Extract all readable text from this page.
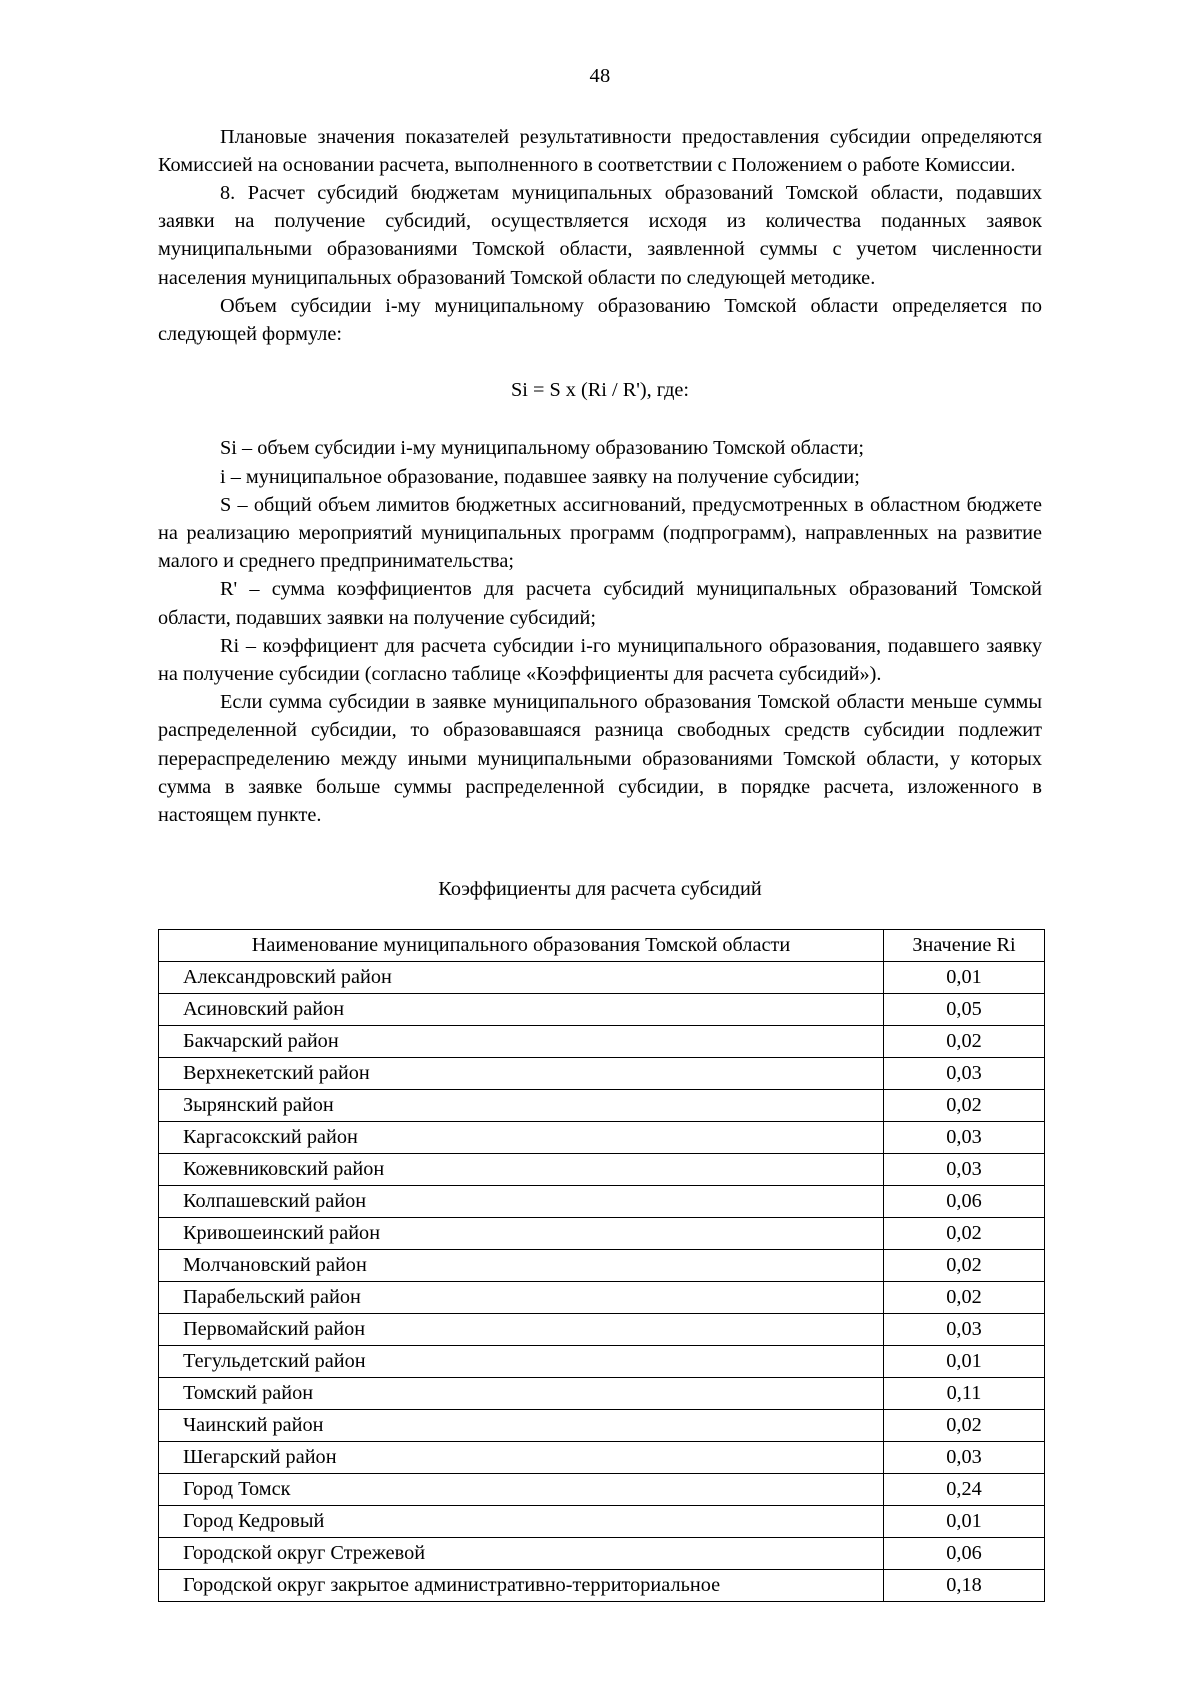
48

Плановые значения показателей результативности предоставления субсидии определяются Комиссией на основании расчета, выполненного в соответствии с Положением о работе Комиссии.

8. Расчет субсидий бюджетам муниципальных образований Томской области, подавших заявки на получение субсидий, осуществляется исходя из количества поданных заявок муниципальными образованиями Томской области, заявленной суммы с учетом численности населения муниципальных образований Томской области по следующей методике.

Объем субсидии i-му муниципальному образованию Томской области определяется по следующей формуле:

Si = S x (Ri / R'), где:

Si – объем субсидии i-му муниципальному образованию Томской области;

i – муниципальное образование, подавшее заявку на получение субсидии;

S – общий объем лимитов бюджетных ассигнований, предусмотренных в областном бюджете на реализацию мероприятий муниципальных программ (подпрограмм), направленных на развитие малого и среднего предпринимательства;

R' – сумма коэффициентов для расчета субсидий муниципальных образований Томской области, подавших заявки на получение субсидий;

Ri – коэффициент для расчета субсидии i-го муниципального образования, подавшего заявку на получение субсидии (согласно таблице «Коэффициенты для расчета субсидий»).

Если сумма субсидии в заявке муниципального образования Томской области меньше суммы распределенной субсидии, то образовавшаяся разница свободных средств субсидии подлежит перераспределению между иными муниципальными образованиями Томской области, у которых сумма в заявке больше суммы распределенной субсидии, в порядке расчета, изложенного в настоящем пункте.

Коэффициенты для расчета субсидий
Наименование муниципального образования Томской области	Значение Ri
Александровский район	0,01
Асиновский район	0,05
Бакчарский район	0,02
Верхнекетский район	0,03
Зырянский район	0,02
Каргасокский район	0,03
Кожевниковский район	0,03
Колпашевский район	0,06
Кривошеинский район	0,02
Молчановский район	0,02
Парабельский район	0,02
Первомайский район	0,03
Тегульдетский район	0,01
Томский район	0,11
Чаинский район	0,02
Шегарский район	0,03
Город Томск	0,24
Город Кедровый	0,01
Городской округ Стрежевой	0,06
Городской округ закрытое административно-территориальное	0,18
